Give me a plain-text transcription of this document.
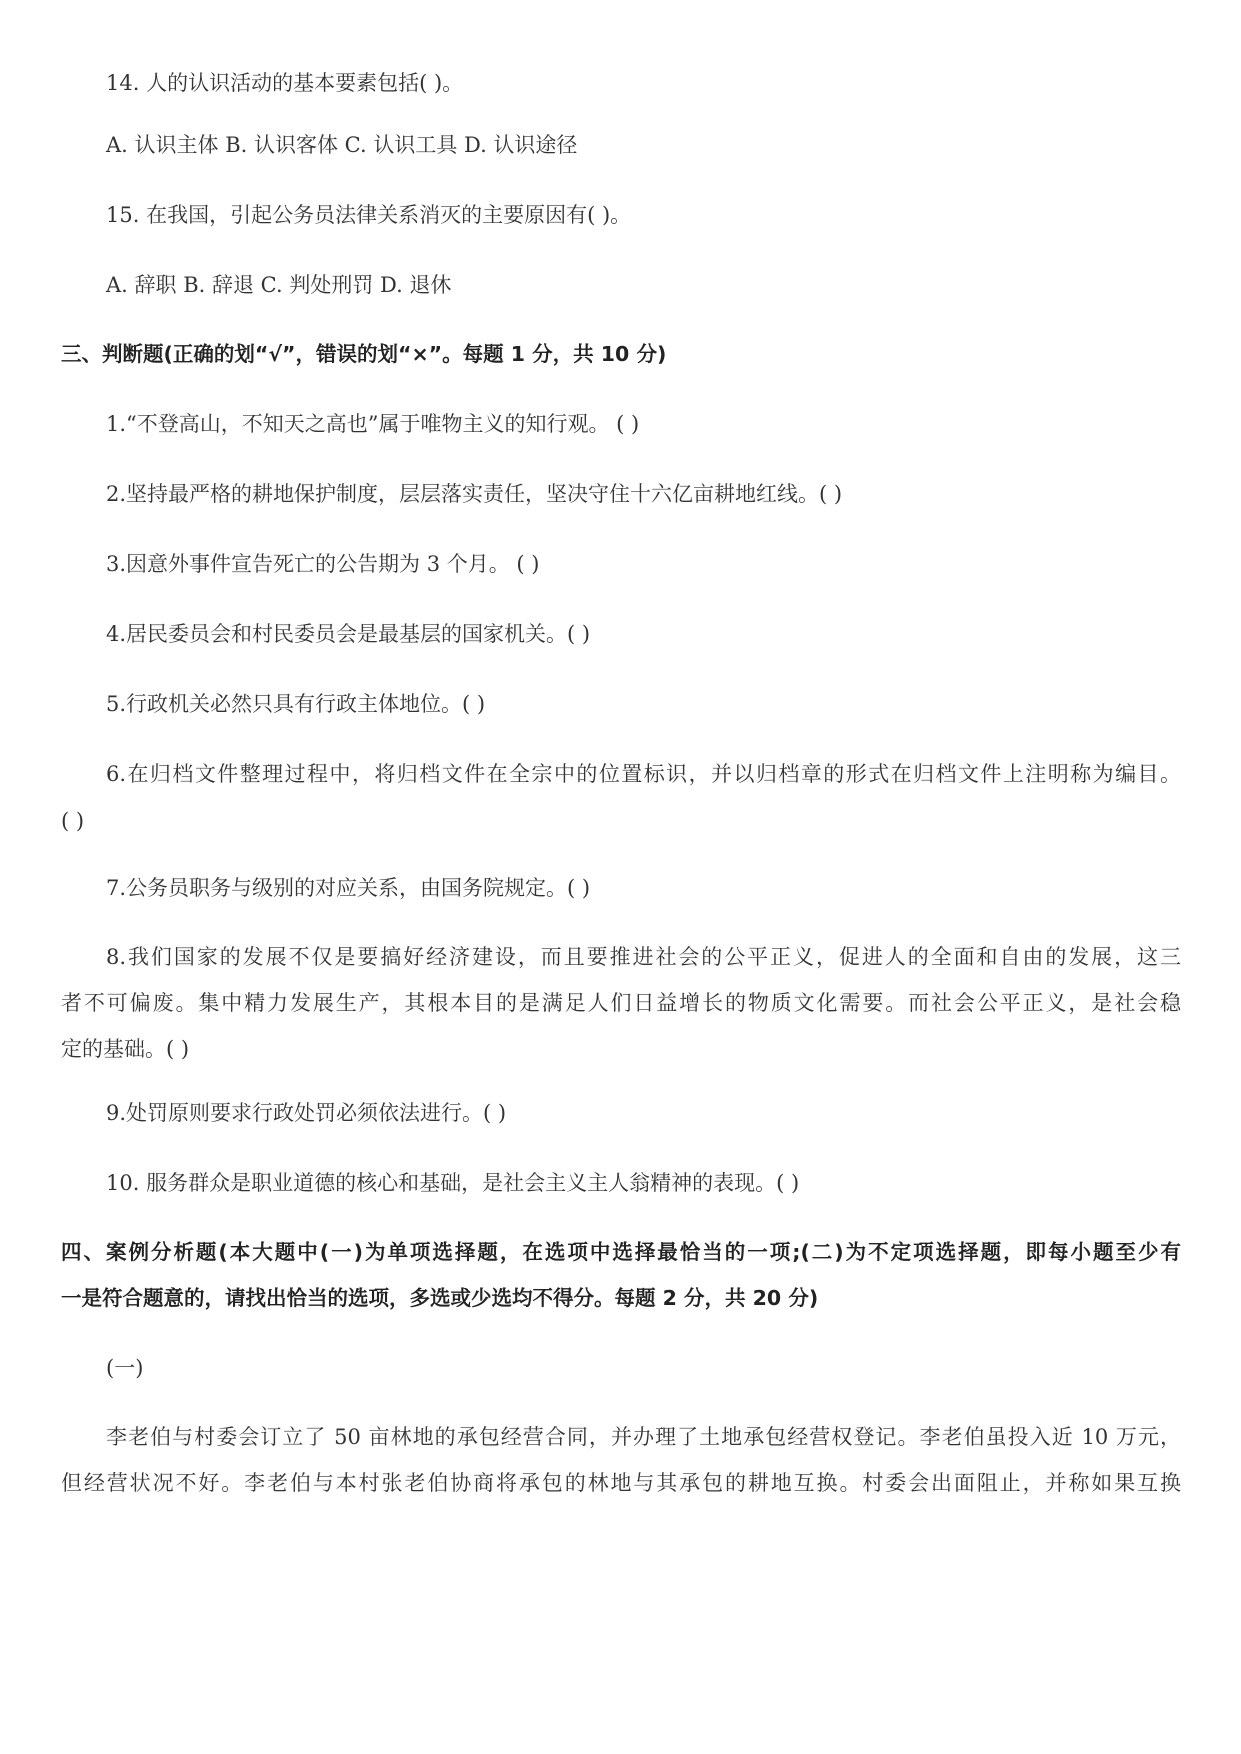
14. 人的认识活动的基本要素包括( )。
A. 认识主体 B. 认识客体 C. 认识工具 D. 认识途径
15. 在我国，引起公务员法律关系消灭的主要原因有( )。
A. 辞职 B. 辞退 C. 判处刑罚 D. 退休
三、判断题(正确的划“√”，错误的划“×”。每题 1 分，共 10 分)
1.“不登高山，不知天之高也”属于唯物主义的知行观。 ( )
2.坚持最严格的耕地保护制度，层层落实责任，坚决守住十六亿亩耕地红线。( )
3.因意外事件宣告死亡的公告期为 3 个月。 ( )
4.居民委员会和村民委员会是最基层的国家机关。( )
5.行政机关必然只具有行政主体地位。( )
6.在归档文件整理过程中，将归档文件在全宗中的位置标识，并以归档章的形式在归档文件上注明称为编目。
( )
7.公务员职务与级别的对应关系，由国务院规定。( )
8.我们国家的发展不仅是要搞好经济建设，而且要推进社会的公平正义，促进人的全面和自由的发展，这三
者不可偏废。集中精力发展生产，其根本目的是满足人们日益增长的物质文化需要。而社会公平正义，是社会稳
定的基础。( )
9.处罚原则要求行政处罚必须依法进行。( )
10. 服务群众是职业道德的核心和基础，是社会主义主人翁精神的表现。( )
四、案例分析题(本大题中(一)为单项选择题，在选项中选择最恰当的一项;(二)为不定项选择题，即每小题至少有
一是符合题意的，请找出恰当的选项，多选或少选均不得分。每题 2 分，共 20 分)
(一)
李老伯与村委会订立了 50 亩林地的承包经营合同，并办理了土地承包经营权登记。李老伯虽投入近 10 万元，
但经营状况不好。李老伯与本村张老伯协商将承包的林地与其承包的耕地互换。村委会出面阻止，并称如果互换
